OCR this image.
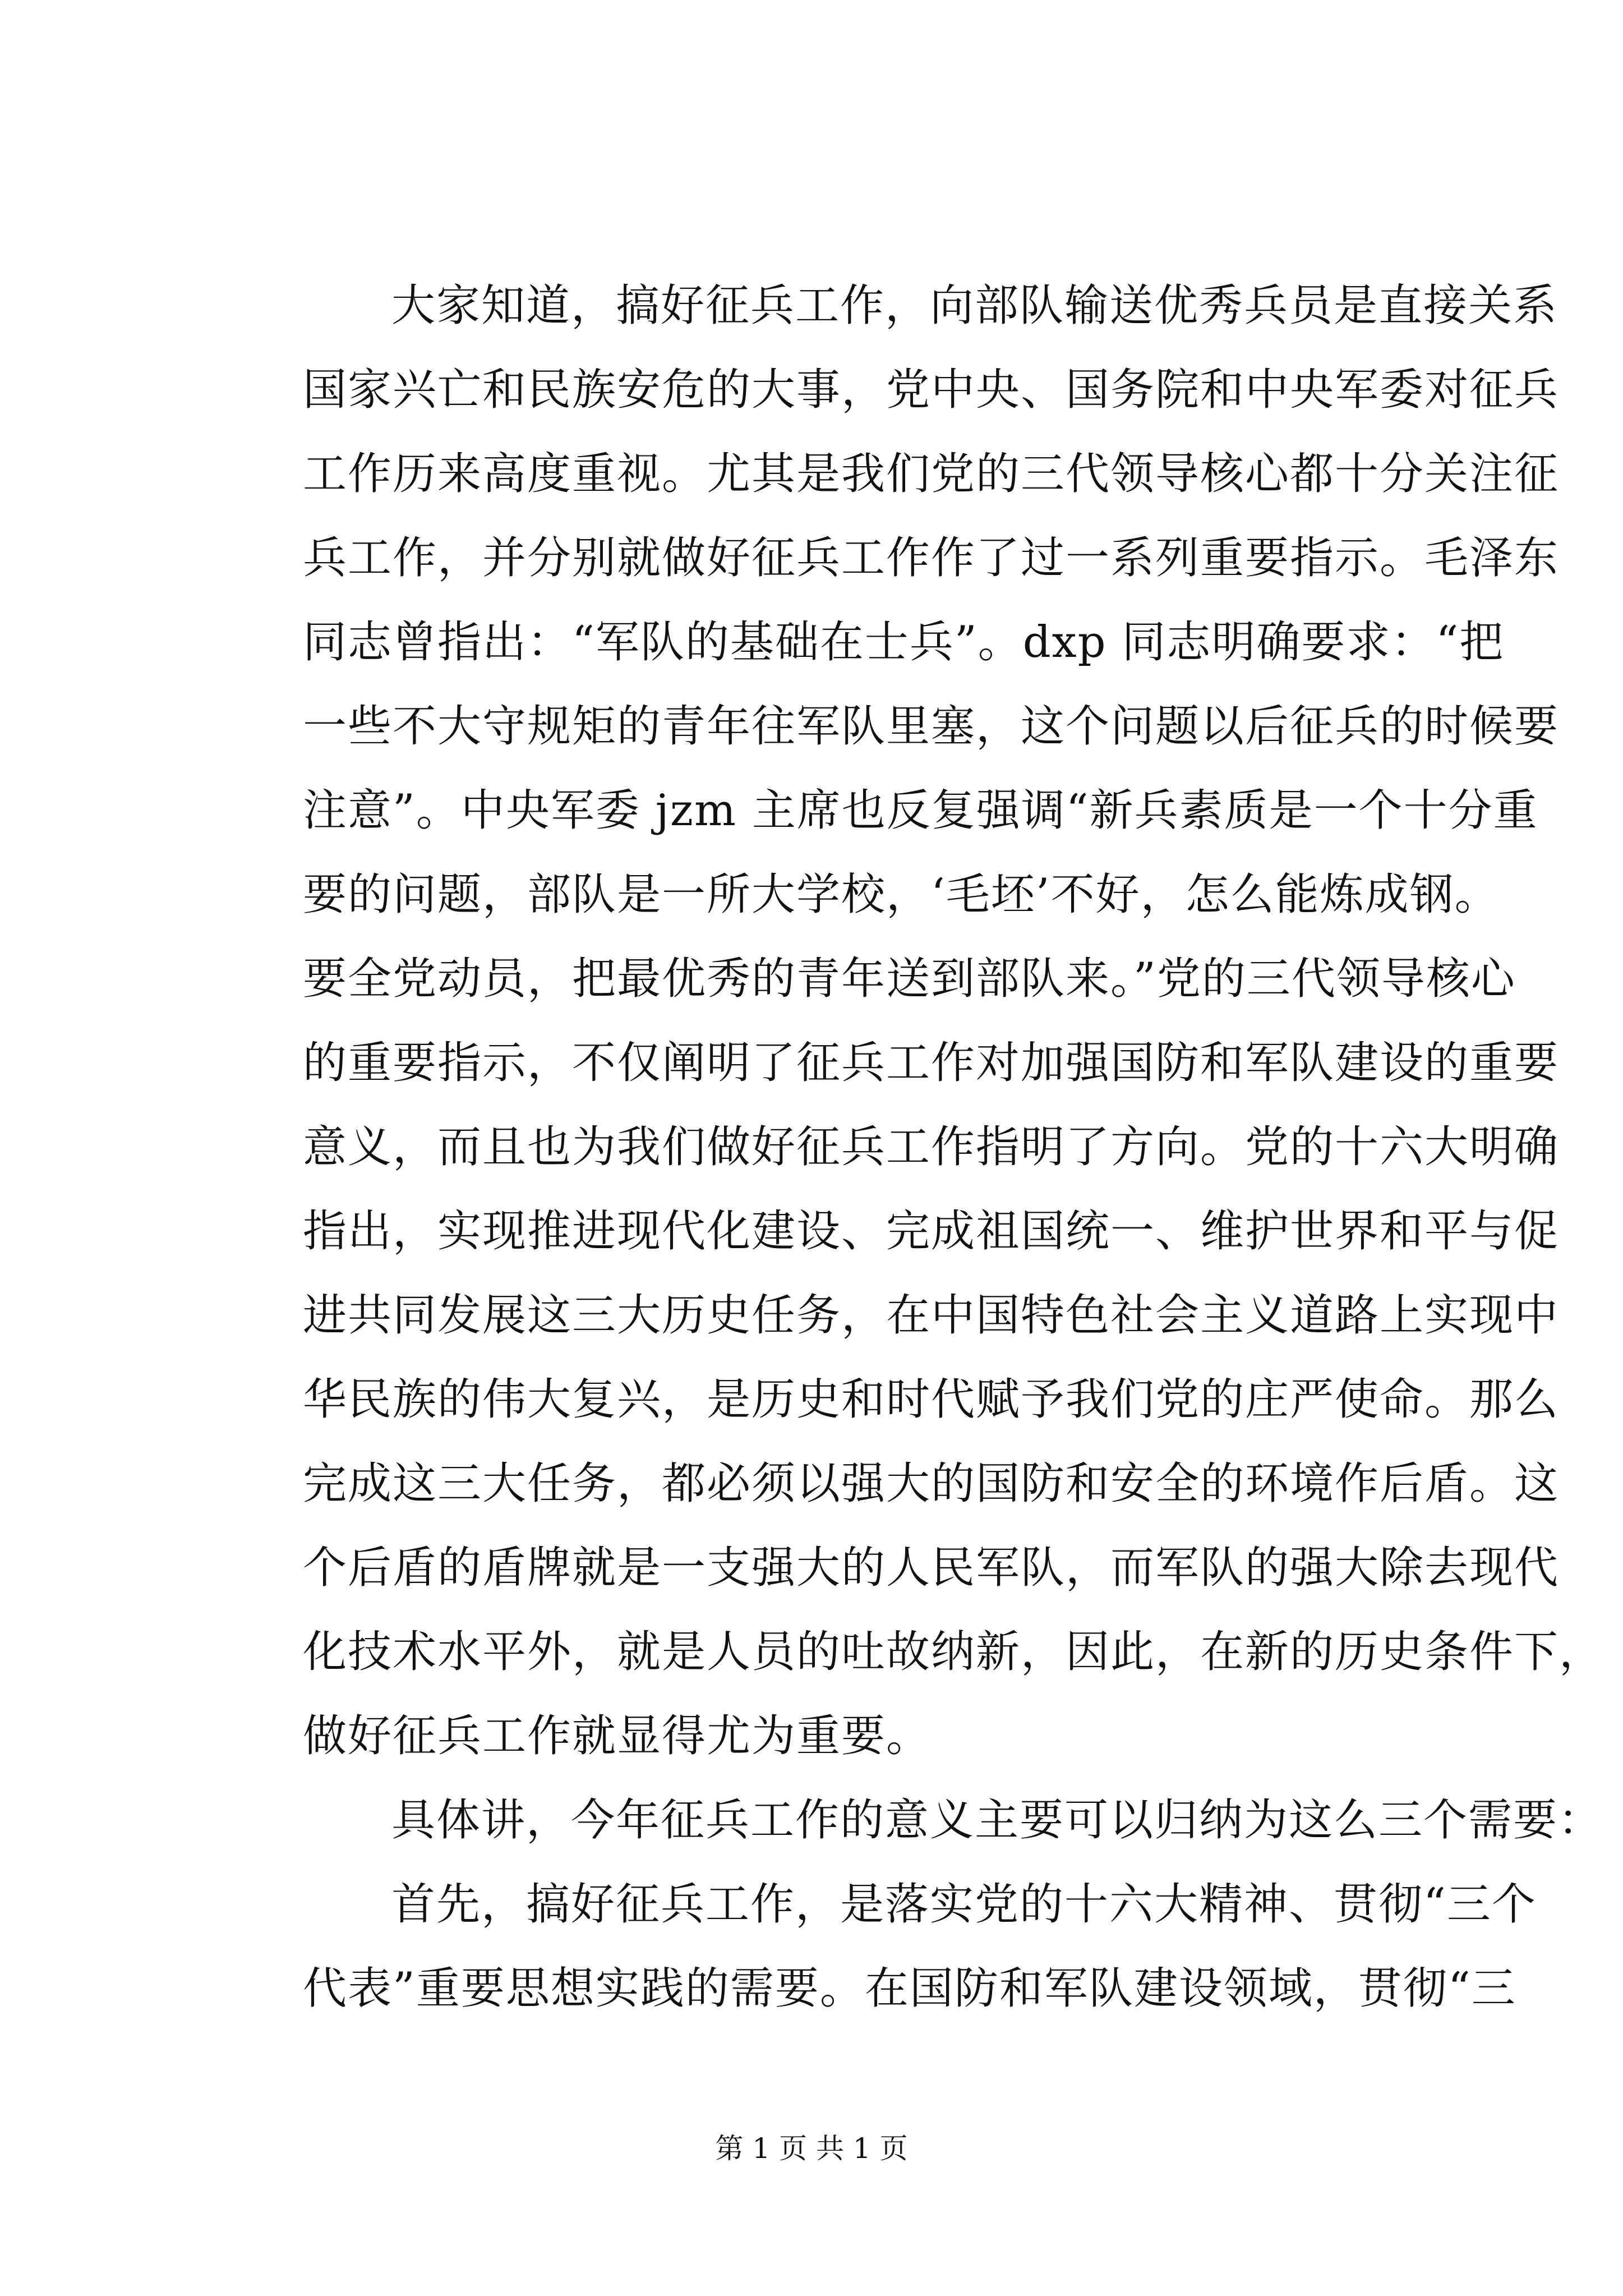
大家知道，搞好征兵工作，向部队输送优秀兵员是直接关系
国家兴亡和民族安危的大事，党中央、国务院和中央军委对征兵
工作历来高度重视。尤其是我们党的三代领导核心都十分关注征
兵工作，并分别就做好征兵工作作了过一系列重要指示。毛泽东
同志曾指出：“军队的基础在士兵”。dxp 同志明确要求：“把
一些不大守规矩的青年往军队里塞，这个问题以后征兵的时候要
注意”。中央军委 jzm 主席也反复强调“新兵素质是一个十分重
要的问题，部队是一所大学校，‘毛坯’不好，怎么能炼成钢。
要全党动员，把最优秀的青年送到部队来。”党的三代领导核心
的重要指示，不仅阐明了征兵工作对加强国防和军队建设的重要
意义，而且也为我们做好征兵工作指明了方向。党的十六大明确
指出，实现推进现代化建设、完成祖国统一、维护世界和平与促
进共同发展这三大历史任务，在中国特色社会主义道路上实现中
华民族的伟大复兴，是历史和时代赋予我们党的庄严使命。那么
完成这三大任务，都必须以强大的国防和安全的环境作后盾。这
个后盾的盾牌就是一支强大的人民军队，而军队的强大除去现代
化技术水平外，就是人员的吐故纳新，因此，在新的历史条件下，
做好征兵工作就显得尤为重要。
具体讲，今年征兵工作的意义主要可以归纳为这么三个需要：
首先，搞好征兵工作，是落实党的十六大精神、贯彻“三个
代表”重要思想实践的需要。在国防和军队建设领域，贯彻“三
第 1 页 共 1 页
